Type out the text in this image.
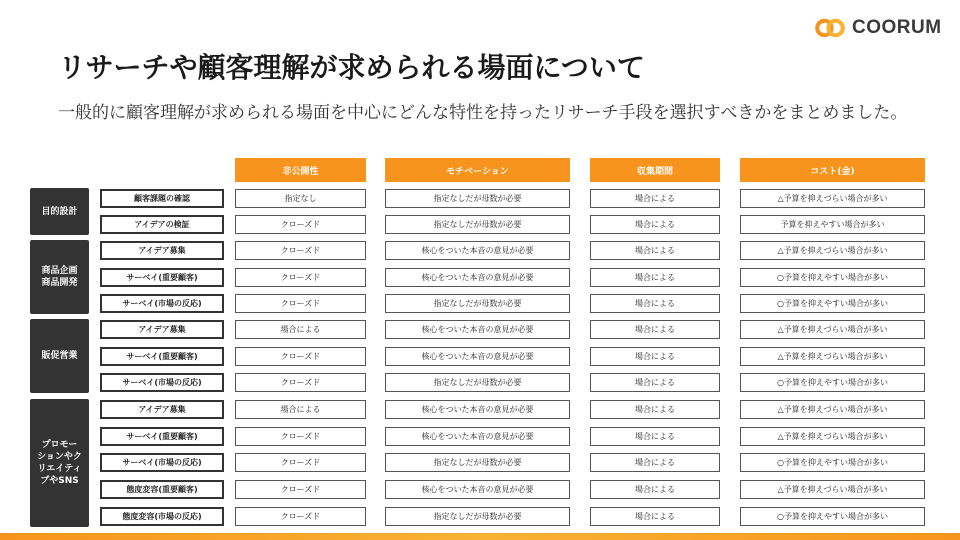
COORUM
リサーチや顧客理解が求められる場面について
一般的に顧客理解が求められる場面を中心にどんな特性を持ったリサーチ手段を選択すべきかをまとめました。
非公開性	モチベーション	収集期間	コスト(金)
目的設計
顧客課題の確認	指定なし	指定なしだが母数が必要	場合による	△予算を抑えづらい場合が多い
アイデアの検証	クローズド	指定なしだが母数が必要	場合による	予算を抑えやすい場合が多い
商品企画
商品開発
アイデア募集	クローズド	核心をついた本音の意見が必要	場合による	△予算を抑えづらい場合が多い
サーベイ(重要顧客)	クローズド	核心をついた本音の意見が必要	場合による	○予算を抑えやすい場合が多い
サーベイ(市場の反応)	クローズド	指定なしだが母数が必要	場合による	○予算を抑えやすい場合が多い
販促営業
アイデア募集	場合による	核心をついた本音の意見が必要	場合による	△予算を抑えづらい場合が多い
サーベイ(重要顧客)	クローズド	核心をついた本音の意見が必要	場合による	△予算を抑えづらい場合が多い
サーベイ(市場の反応)	クローズド	指定なしだが母数が必要	場合による	○予算を抑えやすい場合が多い
プロモー
ションやク
リエイティ
ブやSNS
アイデア募集	場合による	核心をついた本音の意見が必要	場合による	△予算を抑えづらい場合が多い
サーベイ(重要顧客)	クローズド	核心をついた本音の意見が必要	場合による	△予算を抑えづらい場合が多い
サーベイ(市場の反応)	クローズド	指定なしだが母数が必要	場合による	○予算を抑えやすい場合が多い
態度変容(重要顧客)	クローズド	核心をついた本音の意見が必要	場合による	△予算を抑えづらい場合が多い
態度変容(市場の反応)	クローズド	指定なしだが母数が必要	場合による	○予算を抑えやすい場合が多い
